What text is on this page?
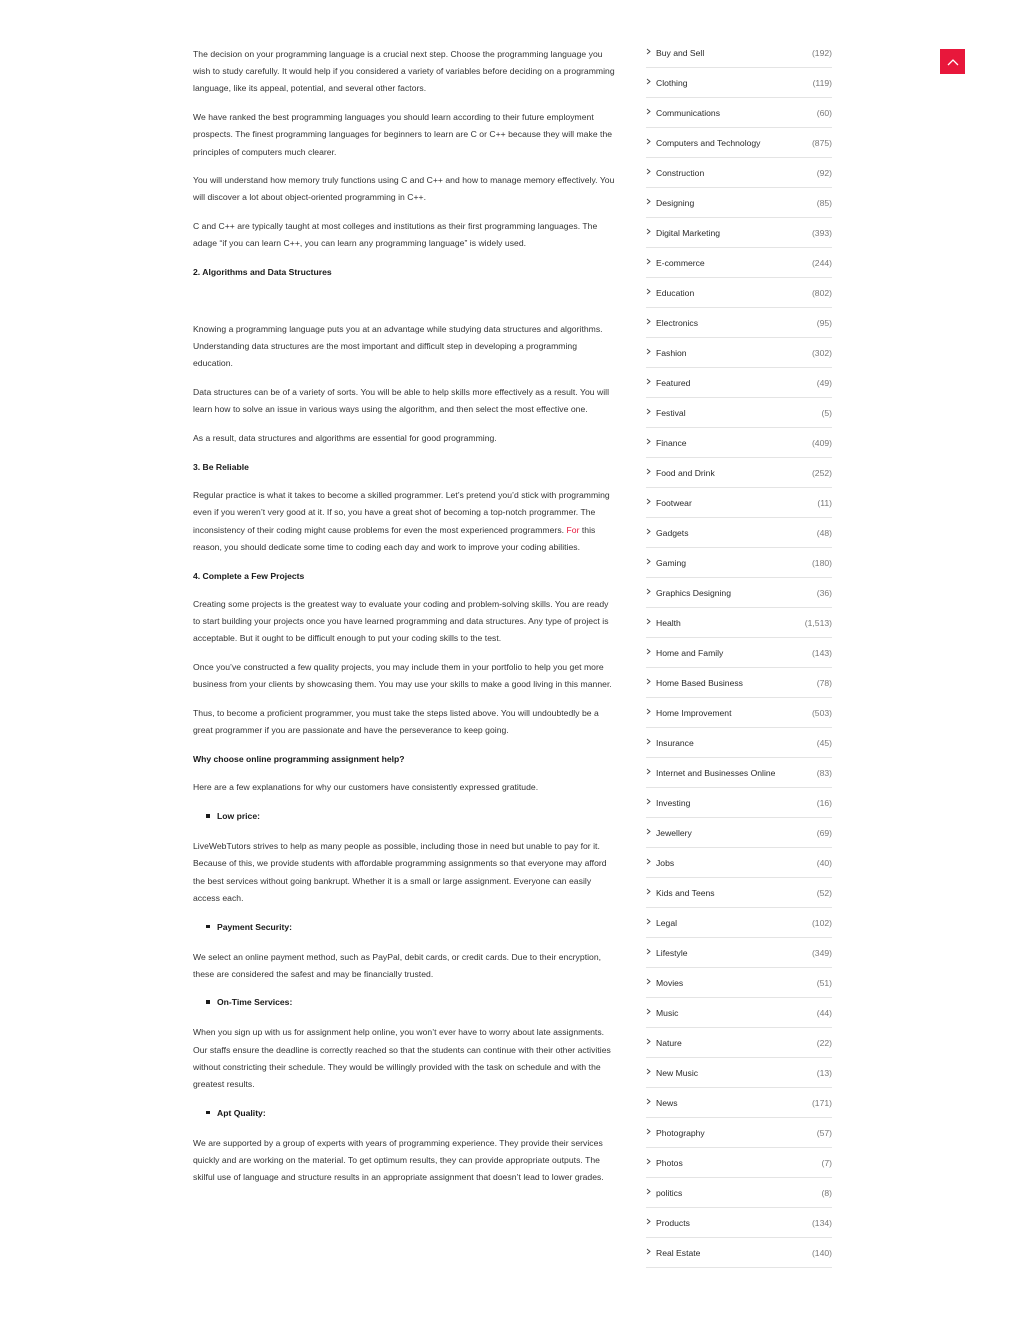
The decision on your programming language is a crucial next step. Choose the programming language you wish to study carefully. It would help if you considered a variety of variables before deciding on a programming language, like its appeal, potential, and several other factors.

We have ranked the best programming languages you should learn according to their future employment prospects. The finest programming languages for beginners to learn are C or C++ because they will make the principles of computers much clearer.

You will understand how memory truly functions using C and C++ and how to manage memory effectively. You will discover a lot about object-oriented programming in C++.

C and C++ are typically taught at most colleges and institutions as their first programming languages. The adage “if you can learn C++, you can learn any programming language” is widely used.

2. Algorithms and Data Structures

Knowing a programming language puts you at an advantage while studying data structures and algorithms. Understanding data structures are the most important and difficult step in developing a programming education.

Data structures can be of a variety of sorts. You will be able to help skills more effectively as a result. You will learn how to solve an issue in various ways using the algorithm, and then select the most effective one.

As a result, data structures and algorithms are essential for good programming.

3. Be Reliable

Regular practice is what it takes to become a skilled programmer. Let’s pretend you’d stick with programming even if you weren’t very good at it. If so, you have a great shot of becoming a top-notch programmer. The inconsistency of their coding might cause problems for even the most experienced programmers. For this reason, you should dedicate some time to coding each day and work to improve your coding abilities.

4. Complete a Few Projects

Creating some projects is the greatest way to evaluate your coding and problem-solving skills. You are ready to start building your projects once you have learned programming and data structures. Any type of project is acceptable. But it ought to be difficult enough to put your coding skills to the test.

Once you’ve constructed a few quality projects, you may include them in your portfolio to help you get more business from your clients by showcasing them. You may use your skills to make a good living in this manner.

Thus, to become a proficient programmer, you must take the steps listed above. You will undoubtedly be a great programmer if you are passionate and have the perseverance to keep going.

Why choose online programming assignment help?

Here are a few explanations for why our customers have consistently expressed gratitude.

Low price:

LiveWebTutors strives to help as many people as possible, including those in need but unable to pay for it. Because of this, we provide students with affordable programming assignments so that everyone may afford the best services without going bankrupt. Whether it is a small or large assignment. Everyone can easily access each.

Payment Security:

We select an online payment method, such as PayPal, debit cards, or credit cards. Due to their encryption, these are considered the safest and may be financially trusted.

On-Time Services:

When you sign up with us for assignment help online, you won’t ever have to worry about late assignments. Our staffs ensure the deadline is correctly reached so that the students can continue with their other activities without constricting their schedule. They would be willingly provided with the task on schedule and with the greatest results.

Apt Quality:

We are supported by a group of experts with years of programming experience. They provide their services quickly and are working on the material. To get optimum results, they can provide appropriate outputs. The skilful use of language and structure results in an appropriate assignment that doesn’t lead to lower grades.

Buy and Sell	(192)
Clothing	(119)
Communications	(60)
Computers and Technology	(875)
Construction	(92)
Designing	(85)
Digital Marketing	(393)
E-commerce	(244)
Education	(802)
Electronics	(95)
Fashion	(302)
Featured	(49)
Festival	(5)
Finance	(409)
Food and Drink	(252)
Footwear	(11)
Gadgets	(48)
Gaming	(180)
Graphics Designing	(36)
Health	(1,513)
Home and Family	(143)
Home Based Business	(78)
Home Improvement	(503)
Insurance	(45)
Internet and Businesses Online	(83)
Investing	(16)
Jewellery	(69)
Jobs	(40)
Kids and Teens	(52)
Legal	(102)
Lifestyle	(349)
Movies	(51)
Music	(44)
Nature	(22)
New Music	(13)
News	(171)
Photography	(57)
Photos	(7)
politics	(8)
Products	(134)
Real Estate	(140)
